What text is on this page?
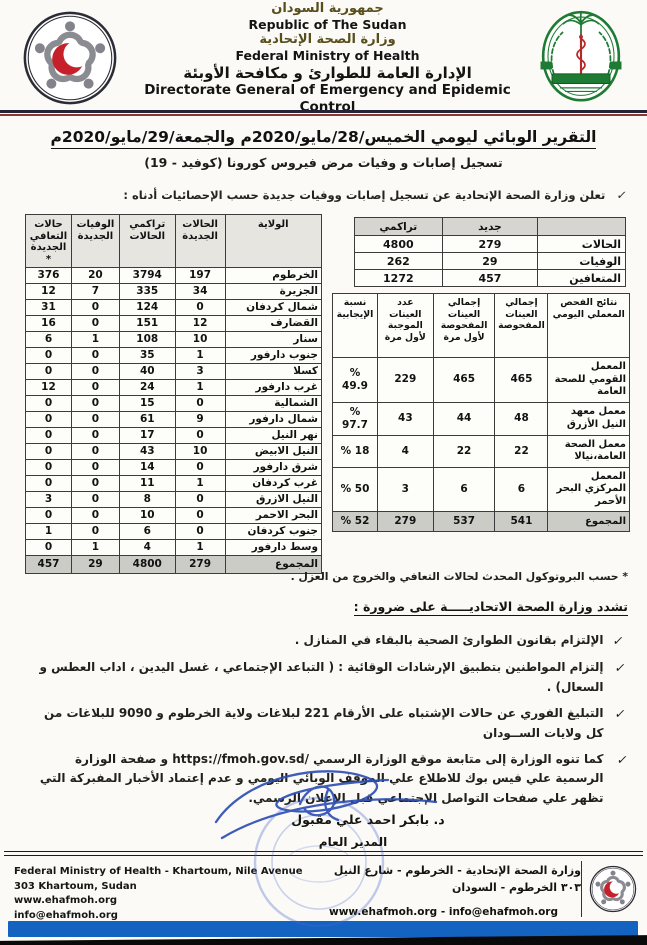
جمهورية السودان
Republic of The Sudan
وزارة الصحة الإتحادية
Federal Ministry of Health
الإدارة العامة للطوارئ و مكافحة الأوبئة
Directorate General of Emergency and Epidemic Control
التقرير الوبائي ليومي الخميس/28/مايو/2020م والجمعة/29/مايو/2020م
تسجيل إصابات و وفيات مرض فيروس كورونا (كوفيد - 19)
✓ تعلن وزارة الصحة الإتحادية عن تسجيل إصابات ووفيات جديدة حسب الإحصائيات أدناه :
الولاية	الحالات الجديدة	تراكمي الحالات	الوفيات الجديدة	حالات التعافي الجديدة *
الخرطوم	197	3794	20	376
الجزيرة	34	335	7	12
شمال كردفان	0	124	0	31
القضارف	12	151	0	16
سنار	10	108	1	6
جنوب دارفور	1	35	0	0
كسلا	3	40	0	0
غرب دارفور	1	24	0	12
الشمالية	0	15	0	0
شمال دارفور	9	61	0	0
نهر النيل	0	17	0	0
النيل الابيض	10	43	0	0
شرق دارفور	0	14	0	0
غرب كردفان	1	11	0	0
النيل الازرق	0	8	0	3
البحر الاحمر	0	10	0	0
جنوب كردفان	0	6	0	1
وسط دارفور	1	4	1	0
المجموع	279	4800	29	457
	جديد	تراكمي
الحالات	279	4800
الوفيات	29	262
المتعافين	457	1272
نتائج الفحص المعملي اليومي	إجمالي العينات المفحوصة	إجمالي العينات المفحوصة لأول مرة	عدد العينات الموجبة لأول مرة	نسبة الإيجابية
المعمل القومي للصحة العامة	465	465	229	% 49.9
معمل معهد النيل الأزرق	48	44	43	% 97.7
معمل الصحة العامة،نيالا	22	22	4	% 18
المعمل المركزي البحر الأحمر	6	6	3	% 50
المجموع	541	537	279	% 52
* حسب البروتوكول المحدث لحالات التعافي والخروج من العزل .
تشدد وزارة الصحة الاتحاديـــــة على ضرورة :
✓
الإلتزام بقانون الطوارئ الصحية بالبقاء في المنازل .
✓
إلتزام المواطنين بتطبيق الإرشادات الوقائية : ( التباعد الإجتماعي ، غسل اليدين ، اداب العطس و السعال) .
✓
التبليغ الفوري عن حالات الإشتباه على الأرقام 221 لبلاغات ولاية الخرطوم و 9090 للبلاغات من كل ولايات الســودان
✓
كما تنوه الوزارة إلى متابعة موقع الوزارة الرسمي /https://fmoh.gov.sd و صفحة الوزارة الرسمية علي فيس بوك للاطلاع علي الموقف الوبائي اليومي و عدم إعتماد الأخبار المفبركة التي تظهر علي صفحات التواصل الإجتماعي قبل الإعلان الرسمي.
د. بابكر احمد علي مقبول
المدير العام
Federal Ministry of Health - Khartoum, Nile Avenue
303 Khartoum, Sudan
www.ehafmoh.org
info@ehafmoh.org
وزارة الصحة الإتحادية - الخرطوم - شارع النيل
٣٠٣ الخرطوم - السودان
www.ehafmoh.org - info@ehafmoh.org
